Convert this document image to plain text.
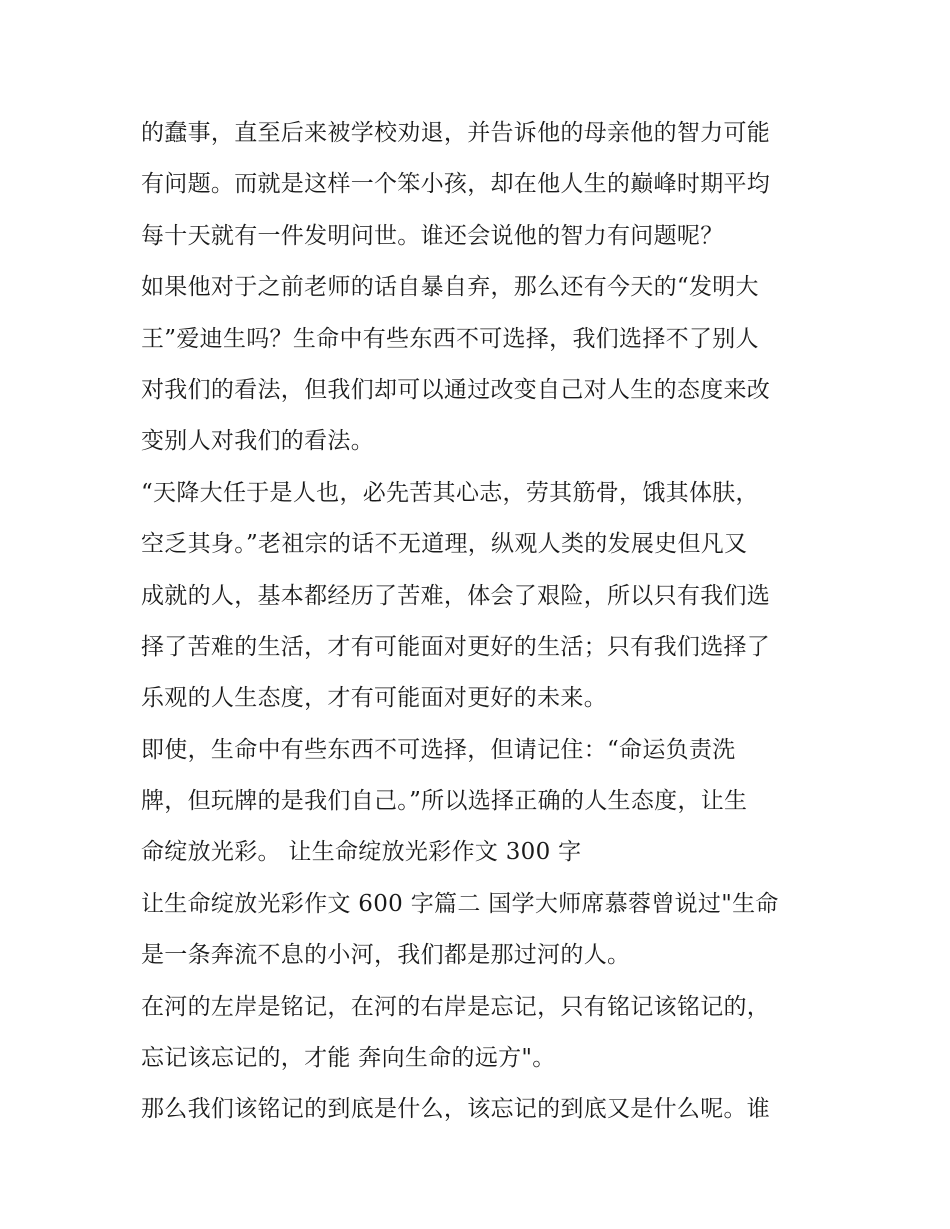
的蠢事，直至后来被学校劝退，并告诉他的母亲他的智力可能
有问题。而就是这样一个笨小孩，却在他人生的巅峰时期平均
每十天就有一件发明问世。谁还会说他的智力有问题呢？
如果他对于之前老师的话自暴自弃，那么还有今天的“发明大
王”爱迪生吗？生命中有些东西不可选择，我们选择不了别人
对我们的看法，但我们却可以通过改变自己对人生的态度来改
变别人对我们的看法。
“天降大任于是人也，必先苦其心志，劳其筋骨，饿其体肤，
空乏其身。”老祖宗的话不无道理，纵观人类的发展史但凡又
成就的人，基本都经历了苦难，体会了艰险，所以只有我们选
择了苦难的生活，才有可能面对更好的生活；只有我们选择了
乐观的人生态度，才有可能面对更好的未来。
即使，生命中有些东西不可选择，但请记住：“命运负责洗
牌，但玩牌的是我们自己。”所以选择正确的人生态度，让生
命绽放光彩。 让生命绽放光彩作文 300 字
让生命绽放光彩作文 600 字篇二 国学大师席慕蓉曾说过"生命
是一条奔流不息的小河，我们都是那过河的人。
在河的左岸是铭记，在河的右岸是忘记，只有铭记该铭记的，
忘记该忘记的，才能 奔向生命的远方"。
那么我们该铭记的到底是什么，该忘记的到底又是什么呢。谁
